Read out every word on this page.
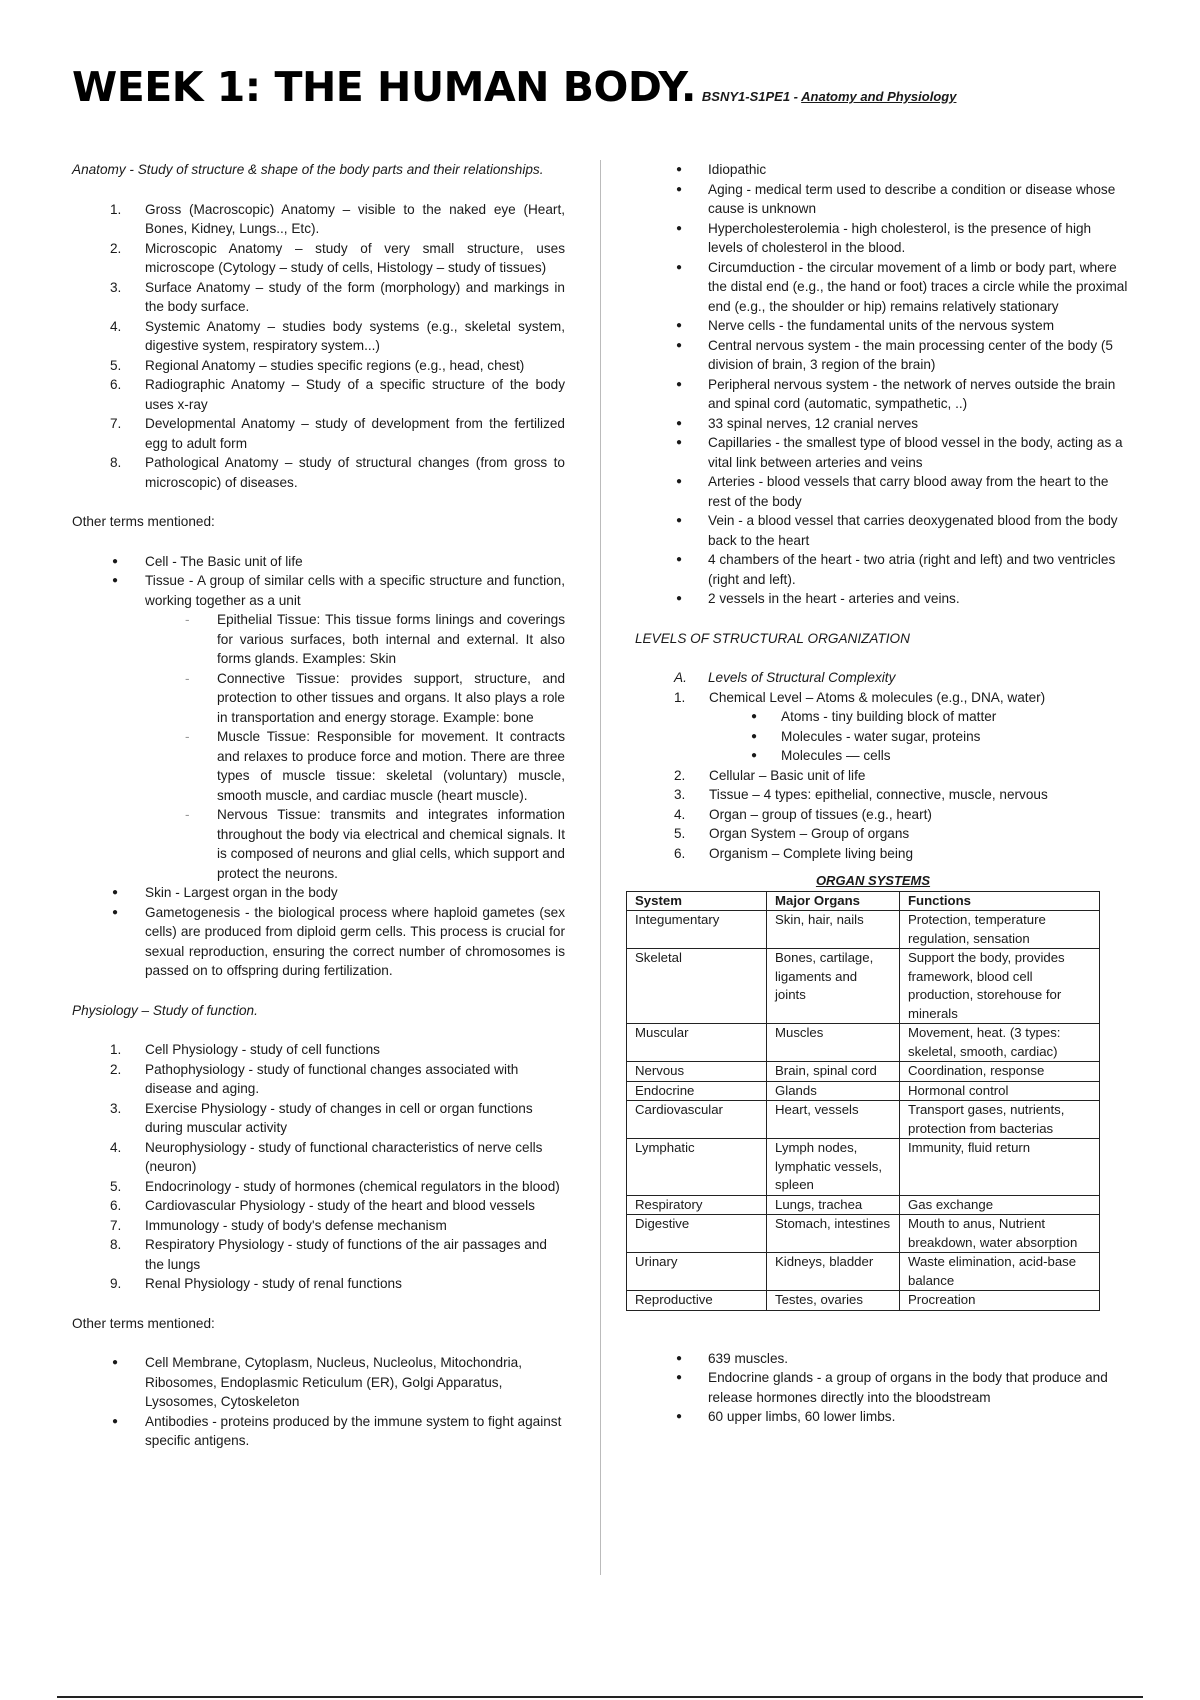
WEEK 1: THE HUMAN BODY. BSNY1-S1PE1 - Anatomy and Physiology

Anatomy - Study of structure & shape of the body parts and their relationships.

1. Gross (Macroscopic) Anatomy – visible to the naked eye (Heart, Bones, Kidney, Lungs.., Etc).
2. Microscopic Anatomy – study of very small structure, uses microscope (Cytology – study of cells, Histology – study of tissues)
3. Surface Anatomy – study of the form (morphology) and markings in the body surface.
4. Systemic Anatomy – studies body systems (e.g., skeletal system, digestive system, respiratory system...)
5. Regional Anatomy – studies specific regions (e.g., head, chest)
6. Radiographic Anatomy – Study of a specific structure of the body uses x-ray
7. Developmental Anatomy – study of development from the fertilized egg to adult form
8. Pathological Anatomy – study of structural changes (from gross to microscopic) of diseases.

Other terms mentioned:

● Cell - The Basic unit of life
● Tissue - A group of similar cells with a specific structure and function, working together as a unit
- Epithelial Tissue: This tissue forms linings and coverings for various surfaces, both internal and external. It also forms glands. Examples: Skin
- Connective Tissue: provides support, structure, and protection to other tissues and organs. It also plays a role in transportation and energy storage. Example: bone
- Muscle Tissue: Responsible for movement. It contracts and relaxes to produce force and motion. There are three types of muscle tissue: skeletal (voluntary) muscle, smooth muscle, and cardiac muscle (heart muscle).
- Nervous Tissue: transmits and integrates information throughout the body via electrical and chemical signals. It is composed of neurons and glial cells, which support and protect the neurons.
● Skin - Largest organ in the body
● Gametogenesis - the biological process where haploid gametes (sex cells) are produced from diploid germ cells. This process is crucial for sexual reproduction, ensuring the correct number of chromosomes is passed on to offspring during fertilization.

Physiology – Study of function.

1. Cell Physiology - study of cell functions
2. Pathophysiology - study of functional changes associated with disease and aging.
3. Exercise Physiology - study of changes in cell or organ functions during muscular activity
4. Neurophysiology - study of functional characteristics of nerve cells (neuron)
5. Endocrinology - study of hormones (chemical regulators in the blood)
6. Cardiovascular Physiology - study of the heart and blood vessels
7. Immunology - study of body's defense mechanism
8. Respiratory Physiology - study of functions of the air passages and the lungs
9. Renal Physiology - study of renal functions

Other terms mentioned:

● Cell Membrane, Cytoplasm, Nucleus, Nucleolus, Mitochondria, Ribosomes, Endoplasmic Reticulum (ER), Golgi Apparatus, Lysosomes, Cytoskeleton
● Antibodies - proteins produced by the immune system to fight against specific antigens.
● Idiopathic
● Aging - medical term used to describe a condition or disease whose cause is unknown
● Hypercholesterolemia - high cholesterol, is the presence of high levels of cholesterol in the blood.
● Circumduction - the circular movement of a limb or body part, where the distal end (e.g., the hand or foot) traces a circle while the proximal end (e.g., the shoulder or hip) remains relatively stationary
● Nerve cells - the fundamental units of the nervous system
● Central nervous system - the main processing center of the body (5 division of brain, 3 region of the brain)
● Peripheral nervous system - the network of nerves outside the brain and spinal cord (automatic, sympathetic, ..)
● 33 spinal nerves, 12 cranial nerves
● Capillaries - the smallest type of blood vessel in the body, acting as a vital link between arteries and veins
● Arteries - blood vessels that carry blood away from the heart to the rest of the body
● Vein - a blood vessel that carries deoxygenated blood from the body back to the heart
● 4 chambers of the heart - two atria (right and left) and two ventricles (right and left).
● 2 vessels in the heart - arteries and veins.

LEVELS OF STRUCTURAL ORGANIZATION

A. Levels of Structural Complexity
1. Chemical Level – Atoms & molecules (e.g., DNA, water)
● Atoms - tiny building block of matter
● Molecules - water sugar, proteins
● Molecules — cells
2. Cellular – Basic unit of life
3. Tissue – 4 types: epithelial, connective, muscle, nervous
4. Organ – group of tissues (e.g., heart)
5. Organ System – Group of organs
6. Organism – Complete living being
ORGAN SYSTEMS
System	Major Organs	Functions
Integumentary	Skin, hair, nails	Protection, temperature regulation, sensation
Skeletal	Bones, cartilage, ligaments and joints	Support the body, provides framework, blood cell production, storehouse for minerals
Muscular	Muscles	Movement, heat. (3 types: skeletal, smooth, cardiac)
Nervous	Brain, spinal cord	Coordination, response
Endocrine	Glands	Hormonal control
Cardiovascular	Heart, vessels	Transport gases, nutrients, protection from bacterias
Lymphatic	Lymph nodes, lymphatic vessels, spleen	Immunity, fluid return
Respiratory	Lungs, trachea	Gas exchange
Digestive	Stomach, intestines	Mouth to anus, Nutrient breakdown, water absorption
Urinary	Kidneys, bladder	Waste elimination, acid-base balance
Reproductive	Testes, ovaries	Procreation
● 639 muscles.
● Endocrine glands - a group of organs in the body that produce and release hormones directly into the bloodstream
● 60 upper limbs, 60 lower limbs.
